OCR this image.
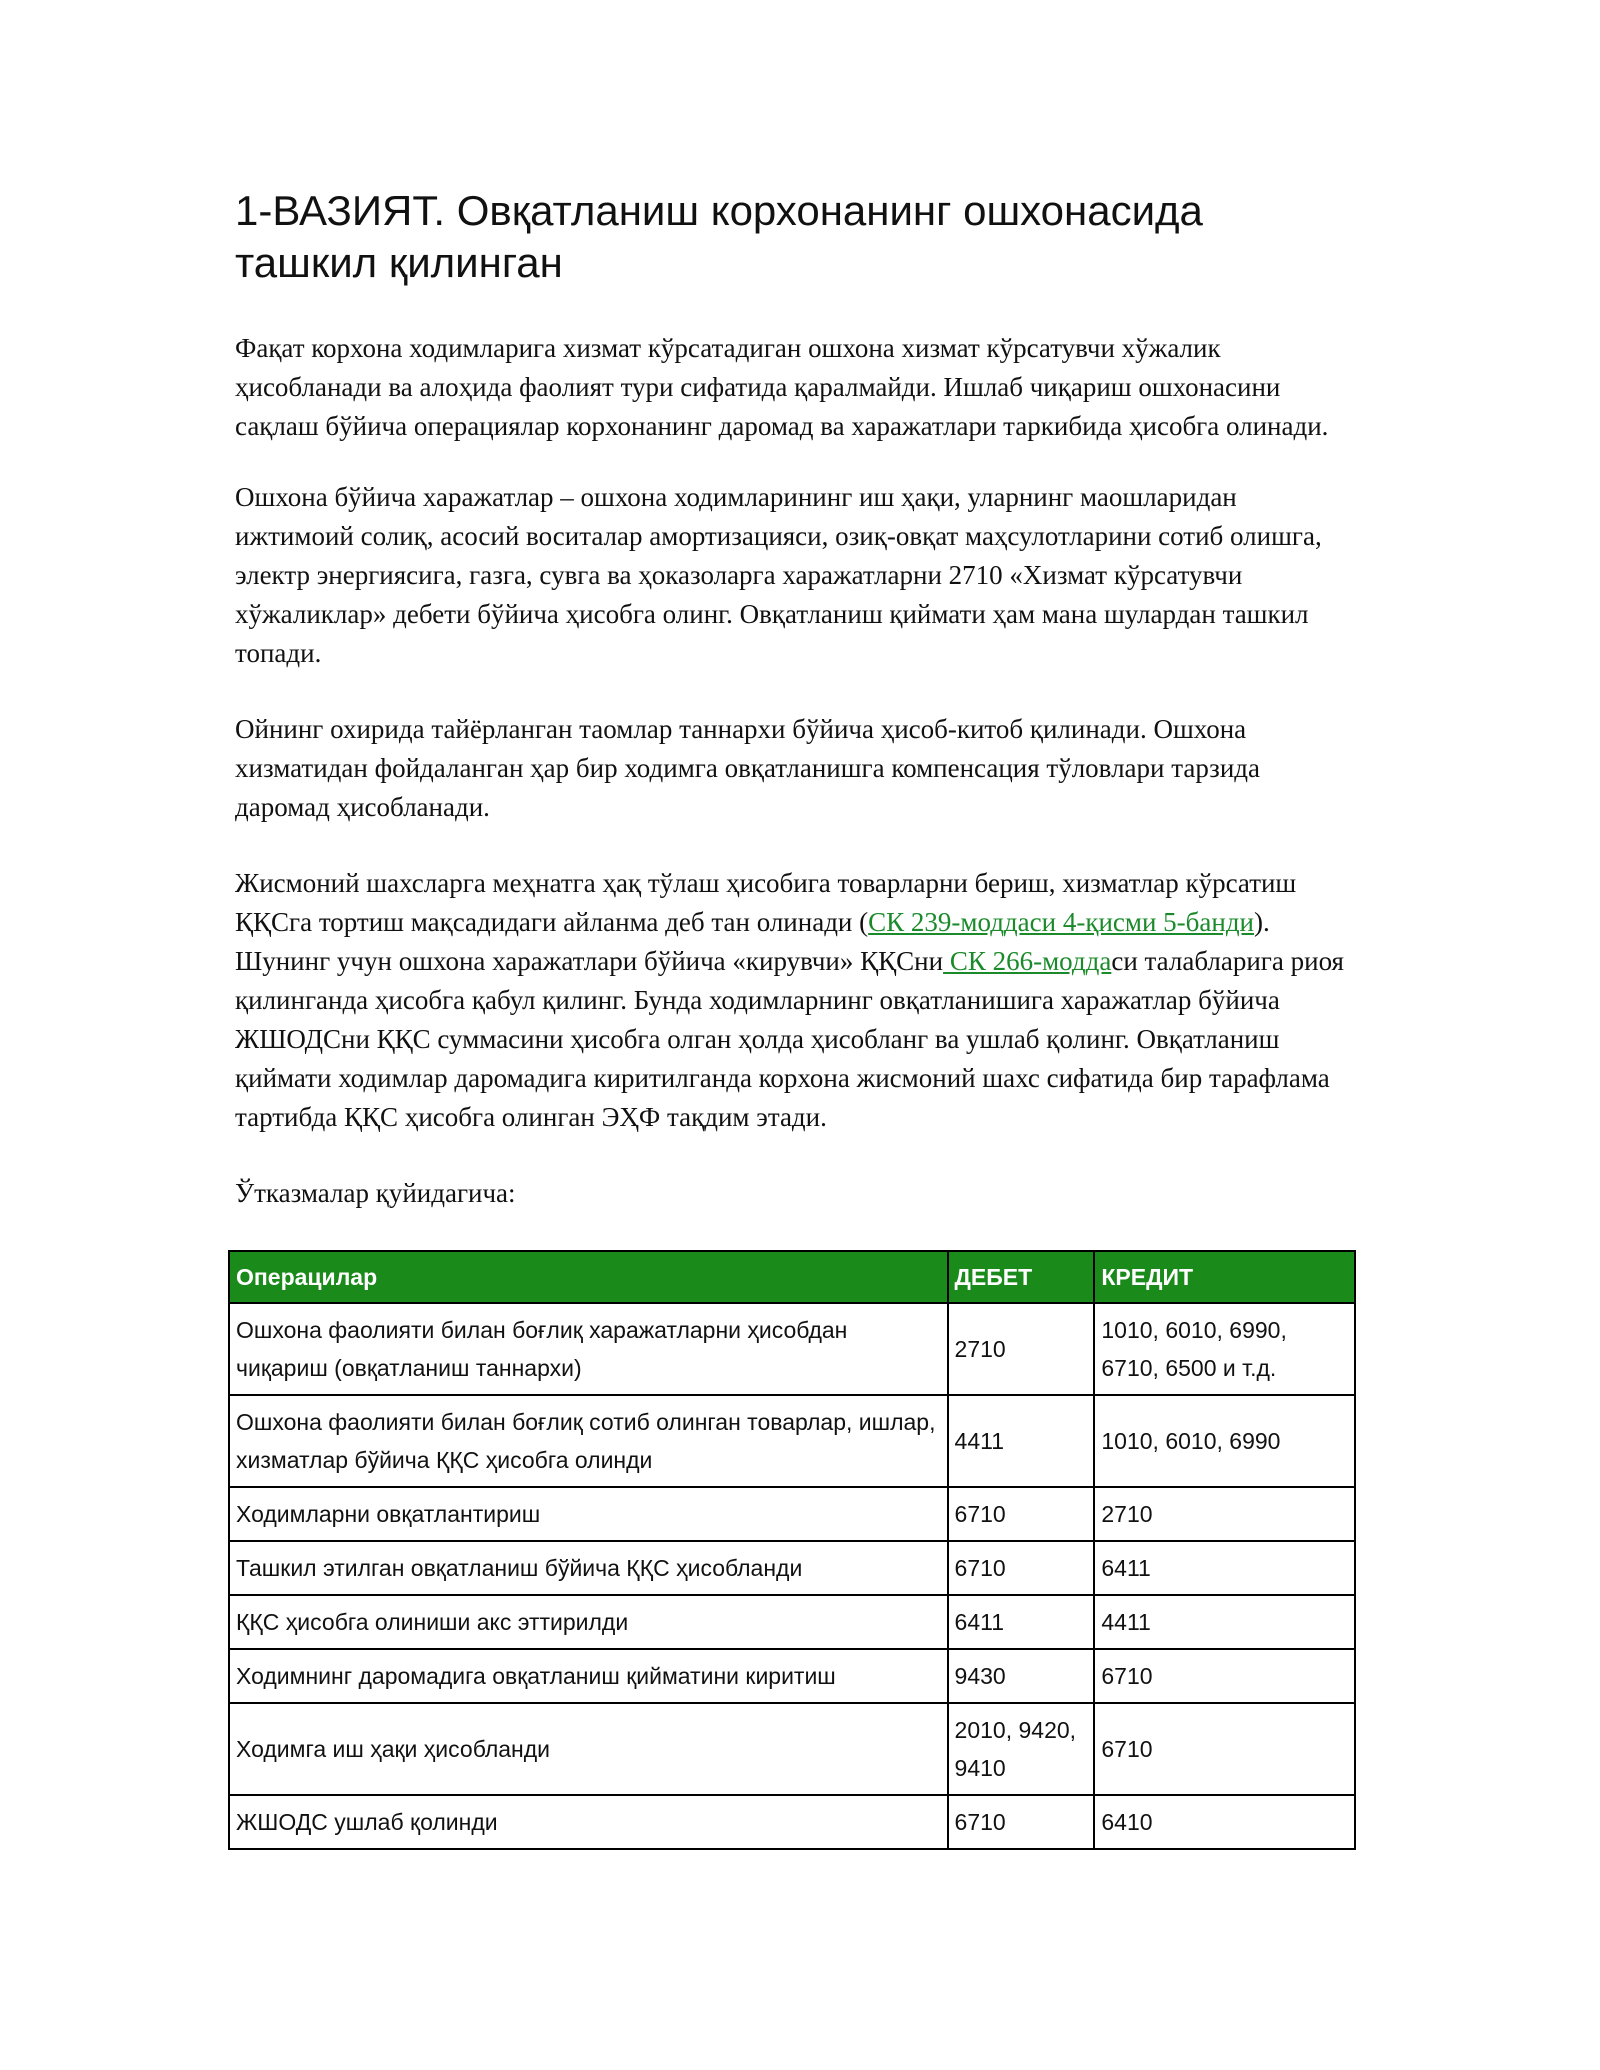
1-ВАЗИЯТ. Овқатланиш корхонанинг ошхонасида ташкил қилинган

Фақат корхона ходимларига хизмат кўрсатадиган ошхона хизмат кўрсатувчи хўжалик ҳисобланади ва алоҳида фаолият тури сифатида қаралмайди. Ишлаб чиқариш ошхонасини сақлаш бўйича операциялар корхонанинг даромад ва харажатлари таркибида ҳисобга олинади.

Ошхона бўйича харажатлар – ошхона ходимларининг иш ҳақи, уларнинг маошларидан ижтимоий солиқ, асосий воситалар амортизацияси, озиқ-овқат маҳсулотларини сотиб олишга, электр энергиясига, газга, сувга ва ҳоказоларга харажатларни 2710 «Хизмат кўрсатувчи хўжаликлар» дебети бўйича ҳисобга олинг. Овқатланиш қиймати ҳам мана шулардан ташкил топади.

Ойнинг охирида тайёрланган таомлар таннархи бўйича ҳисоб-китоб қилинади. Ошхона хизматидан фойдаланган ҳар бир ходимга овқатланишга компенсация тўловлари тарзида даромад ҳисобланади.

Жисмоний шахсларга меҳнатга ҳақ тўлаш ҳисобига товарларни бериш, хизматлар кўрсатиш ҚҚСга тортиш мақсадидаги айланма деб тан олинади (СК 239-моддаси 4-қисми 5-банди). Шунинг учун ошхона харажатлари бўйича «кирувчи» ҚҚСни СК 266-моддаси талабларига риоя қилинганда ҳисобга қабул қилинг. Бунда ходимларнинг овқатланишига харажатлар бўйича ЖШОДСни ҚҚС суммасини ҳисобга олган ҳолда ҳисобланг ва ушлаб қолинг. Овқатланиш қиймати ходимлар даромадига киритилганда корхона жисмоний шахс сифатида бир тарафлама тартибда ҚҚС ҳисобга олинган ЭҲФ тақдим этади.

Ўтказмалар қуйидагича:

Операцилар	ДЕБЕТ	КРЕДИТ
Ошхона фаолияти билан боғлиқ харажатларни ҳисобдан чиқариш (овқатланиш таннархи)	2710	1010, 6010, 6990, 6710, 6500 и т.д.
Ошхона фаолияти билан боғлиқ сотиб олинган товарлар, ишлар, хизматлар бўйича ҚҚС ҳисобга олинди	4411	1010, 6010, 6990
Ходимларни овқатлантириш	6710	2710
Ташкил этилган овқатланиш бўйича ҚҚС ҳисобланди	6710	6411
ҚҚС ҳисобга олиниши акс эттирилди	6411	4411
Ходимнинг даромадига овқатланиш қийматини киритиш	9430	6710
Ходимга иш ҳақи ҳисобланди	2010, 9420, 9410	6710
ЖШОДС ушлаб қолинди	6710	6410
